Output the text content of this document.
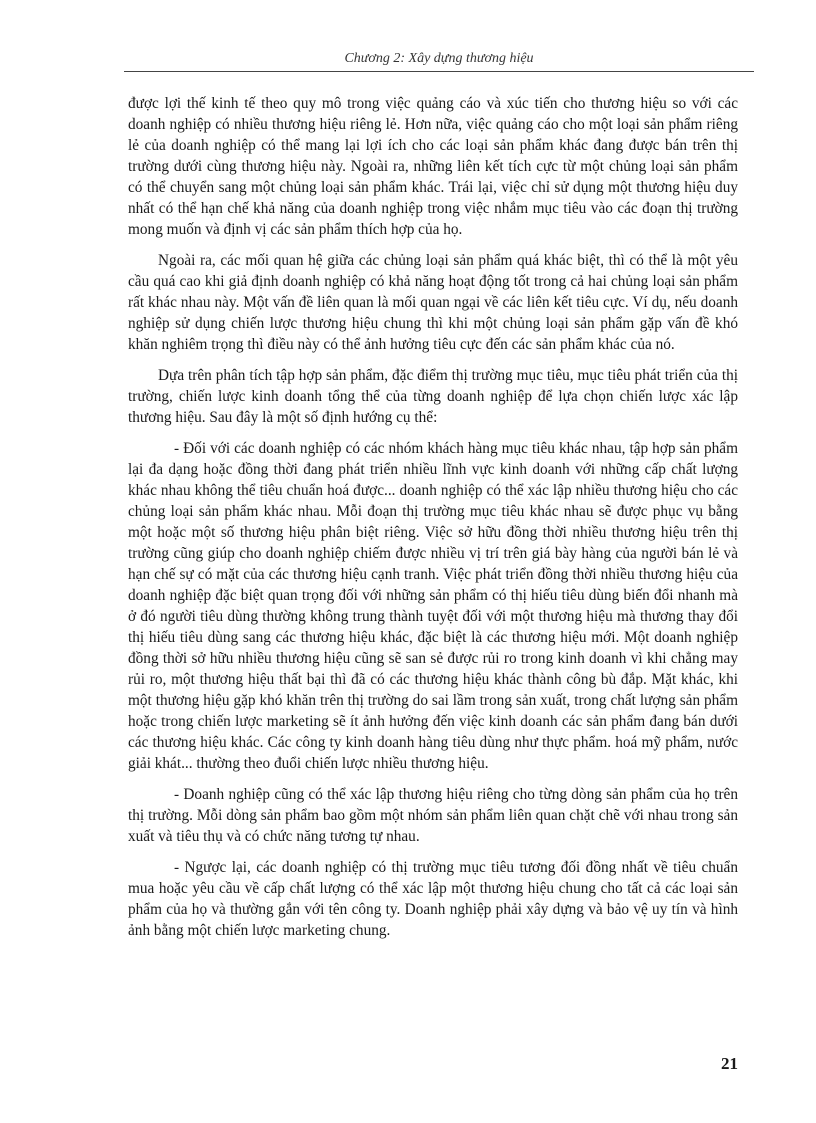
Chương 2: Xây dựng thương hiệu

được lợi thế kinh tế theo quy mô trong việc quảng cáo và xúc tiến cho thương hiệu so với các doanh nghiệp có nhiều thương hiệu riêng lẻ. Hơn nữa, việc quảng cáo cho một loại sản phẩm riêng lẻ của doanh nghiệp có thể mang lại lợi ích cho các loại sản phẩm khác đang được bán trên thị trường dưới cùng thương hiệu này. Ngoài ra, những liên kết tích cực từ một chủng loại sản phẩm có thể chuyển sang một chủng loại sản phẩm khác. Trái lại, việc chỉ sử dụng một thương hiệu duy nhất có thể hạn chế khả năng của doanh nghiệp trong việc nhắm mục tiêu vào các đoạn thị trường mong muốn và định vị các sản phẩm thích hợp của họ.

Ngoài ra, các mối quan hệ giữa các chủng loại sản phẩm quá khác biệt, thì có thể là một yêu cầu quá cao khi giả định doanh nghiệp có khả năng hoạt động tốt trong cả hai chủng loại sản phẩm rất khác nhau này. Một vấn đề liên quan là mối quan ngại về các liên kết tiêu cực. Ví dụ, nếu doanh nghiệp sử dụng chiến lược thương hiệu chung thì khi một chủng loại sản phẩm gặp vấn đề khó khăn nghiêm trọng thì điều này có thể ảnh hưởng tiêu cực đến các sản phẩm khác của nó.

Dựa trên phân tích tập hợp sản phẩm, đặc điểm thị trường mục tiêu, mục tiêu phát triển của thị trường, chiến lược kinh doanh tổng thể của từng doanh nghiệp để lựa chọn chiến lược xác lập thương hiệu. Sau đây là một số định hướng cụ thể:

- Đối với các doanh nghiệp có các nhóm khách hàng mục tiêu khác nhau, tập hợp sản phẩm lại đa dạng hoặc đồng thời đang phát triển nhiều lĩnh vực kinh doanh với những cấp chất lượng khác nhau không thể tiêu chuẩn hoá được... doanh nghiệp có thể xác lập nhiều thương hiệu cho các chủng loại sản phẩm khác nhau. Mỗi đoạn thị trường mục tiêu khác nhau sẽ được phục vụ bằng một hoặc một số thương hiệu phân biệt riêng. Việc sở hữu đồng thời nhiều thương hiệu trên thị trường cũng giúp cho doanh nghiệp chiếm được nhiều vị trí trên giá bày hàng của người bán lẻ và hạn chế sự có mặt của các thương hiệu cạnh tranh. Việc phát triển đồng thời nhiều thương hiệu của doanh nghiệp đặc biệt quan trọng đối với những sản phẩm có thị hiếu tiêu dùng biến đổi nhanh mà ở đó người tiêu dùng thường không trung thành tuyệt đối với một thương hiệu mà thương thay đổi thị hiếu tiêu dùng sang các thương hiệu khác, đặc biệt là các thương hiệu mới. Một doanh nghiệp đồng thời sở hữu nhiều thương hiệu cũng sẽ san sẻ được rủi ro trong kinh doanh vì khi chẳng may rủi ro, một thương hiệu thất bại thì đã có các thương hiệu khác thành công bù đắp. Mặt khác, khi một thương hiệu gặp khó khăn trên thị trường do sai lầm trong sản xuất, trong chất lượng sản phẩm hoặc trong chiến lược marketing sẽ ít ảnh hưởng đến việc kinh doanh các sản phẩm đang bán dưới các thương hiệu khác. Các công ty kinh doanh hàng tiêu dùng như thực phẩm. hoá mỹ phẩm, nước giải khát... thường theo đuổi chiến lược nhiều thương hiệu.

- Doanh nghiệp cũng có thể xác lập thương hiệu riêng cho từng dòng sản phẩm của họ trên thị trường. Mỗi dòng sản phẩm bao gồm một nhóm sản phẩm liên quan chặt chẽ với nhau trong sản xuất và tiêu thụ và có chức năng tương tự nhau.

- Ngược lại, các doanh nghiệp có thị trường mục tiêu tương đối đồng nhất về tiêu chuẩn mua hoặc yêu cầu về cấp chất lượng có thể xác lập một thương hiệu chung cho tất cả các loại sản phẩm của họ và thường gắn với tên công ty. Doanh nghiệp phải xây dựng và bảo vệ uy tín và hình ảnh bằng một chiến lược marketing chung.

21
